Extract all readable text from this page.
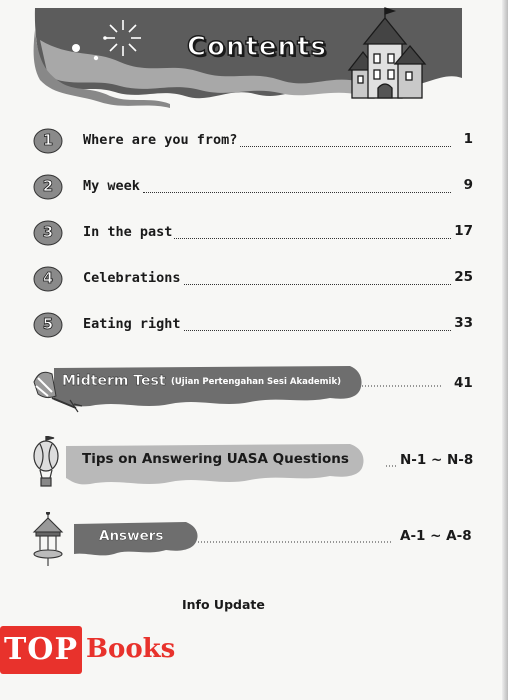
Contents
1	Where are you from?	1
2	My week	9
3	In the past	17
4	Celebrations	25
5	Eating right	33
Midterm Test (Ujian Pertengahan Sesi Akademik)	41
Tips on Answering UASA Questions	N-1 ~ N-8
Answers	A-1 ~ A-8
Info Update
TOP Books
